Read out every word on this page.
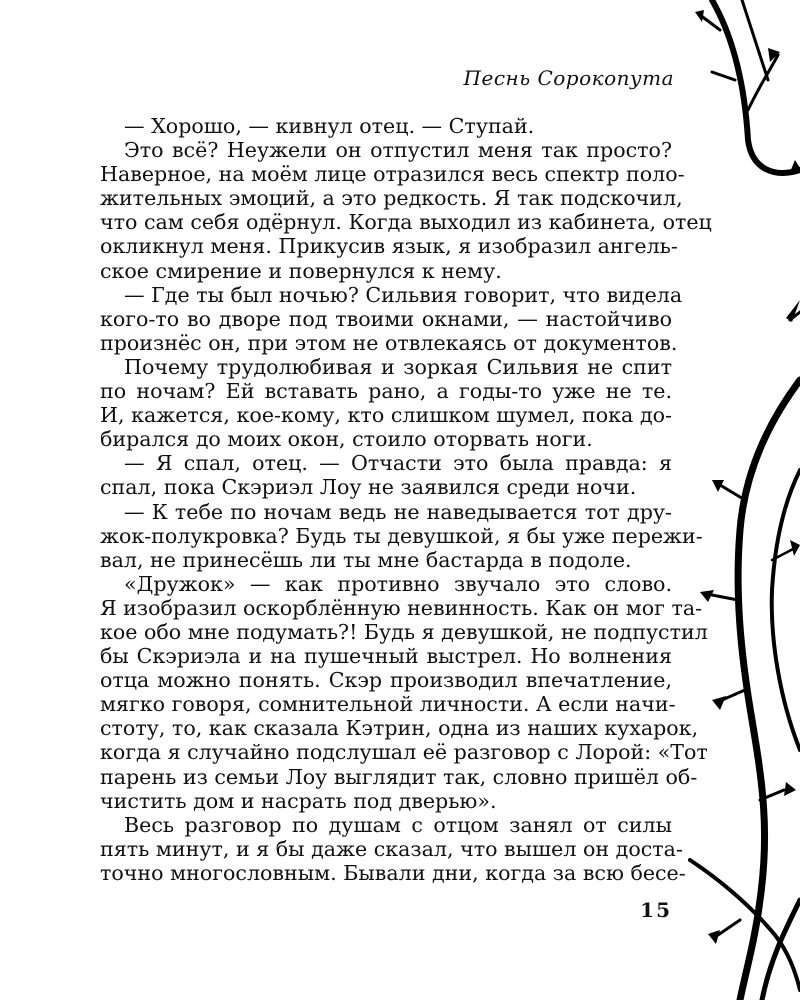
Песнь Сорокопута
— Хорошо, — кивнул отец. — Ступай.
Это всё? Неужели он отпустил меня так просто?
Наверное, на моём лице отразился весь спектр поло-
жительных эмоций, а это редкость. Я так подскочил,
что сам себя одёрнул. Когда выходил из кабинета, отец
окликнул меня. Прикусив язык, я изобразил ангель-
ское смирение и повернулся к нему.
— Где ты был ночью? Сильвия говорит, что видела
кого-то во дворе под твоими окнами, — настойчиво
произнёс он, при этом не отвлекаясь от документов.
Почему трудолюбивая и зоркая Сильвия не спит
по ночам? Ей вставать рано, а годы-то уже не те.
И, кажется, кое-кому, кто слишком шумел, пока до-
бирался до моих окон, стоило оторвать ноги.
— Я спал, отец. — Отчасти это была правда: я
спал, пока Скэриэл Лоу не заявился среди ночи.
— К тебе по ночам ведь не наведывается тот дру-
жок-полукровка? Будь ты девушкой, я бы уже пережи-
вал, не принесёшь ли ты мне бастарда в подоле.
«Дружок» — как противно звучало это слово.
Я изобразил оскорблённую невинность. Как он мог та-
кое обо мне подумать?! Будь я девушкой, не подпустил
бы Скэриэла и на пушечный выстрел. Но волнения
отца можно понять. Скэр производил впечатление,
мягко говоря, сомнительной личности. А если начи-
стоту, то, как сказала Кэтрин, одна из наших кухарок,
когда я случайно подслушал её разговор с Лорой: «Тот
парень из семьи Лоу выглядит так, словно пришёл об-
чистить дом и насрать под дверью».
Весь разговор по душам с отцом занял от силы
пять минут, и я бы даже сказал, что вышел он доста-
точно многословным. Бывали дни, когда за всю бесе-
15
